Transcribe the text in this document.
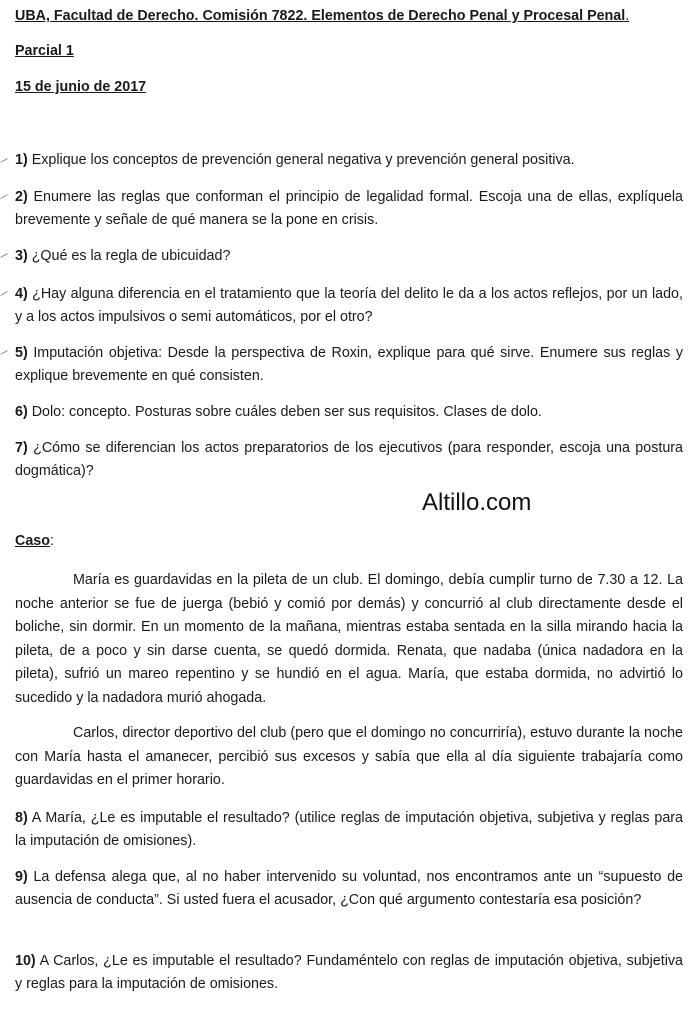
UBA, Facultad de Derecho. Comisión 7822. Elementos de Derecho Penal y Procesal Penal.
Parcial 1
15 de junio de 2017
1) Explique los conceptos de prevención general negativa y prevención general positiva.
2) Enumere las reglas que conforman el principio de legalidad formal. Escoja una de ellas, explíquela brevemente y señale de qué manera se la pone en crisis.
3) ¿Qué es la regla de ubicuidad?
4) ¿Hay alguna diferencia en el tratamiento que la teoría del delito le da a los actos reflejos, por un lado, y a los actos impulsivos o semi automáticos, por el otro?
5) Imputación objetiva: Desde la perspectiva de Roxin, explique para qué sirve. Enumere sus reglas y explique brevemente en qué consisten.
6) Dolo: concepto. Posturas sobre cuáles deben ser sus requisitos. Clases de dolo.
7) ¿Cómo se diferencian los actos preparatorios de los ejecutivos (para responder, escoja una postura dogmática)?
Altillo.com
Caso:
María es guardavidas en la pileta de un club. El domingo, debía cumplir turno de 7.30 a 12. La noche anterior se fue de juerga (bebió y comió por demás) y concurrió al club directamente desde el boliche, sin dormir. En un momento de la mañana, mientras estaba sentada en la silla mirando hacia la pileta, de a poco y sin darse cuenta, se quedó dormida. Renata, que nadaba (única nadadora en la pileta), sufrió un mareo repentino y se hundió en el agua. María, que estaba dormida, no advirtió lo sucedido y la nadadora murió ahogada.
Carlos, director deportivo del club (pero que el domingo no concurriría), estuvo durante la noche con María hasta el amanecer, percibió sus excesos y sabía que ella al día siguiente trabajaría como guardavidas en el primer horario.
8) A María, ¿Le es imputable el resultado? (utilice reglas de imputación objetiva, subjetiva y reglas para la imputación de omisiones).
9) La defensa alega que, al no haber intervenido su voluntad, nos encontramos ante un “supuesto de ausencia de conducta”. Si usted fuera el acusador, ¿Con qué argumento contestaría esa posición?
10) A Carlos, ¿Le es imputable el resultado? Fundaméntelo con reglas de imputación objetiva, subjetiva y reglas para la imputación de omisiones.
